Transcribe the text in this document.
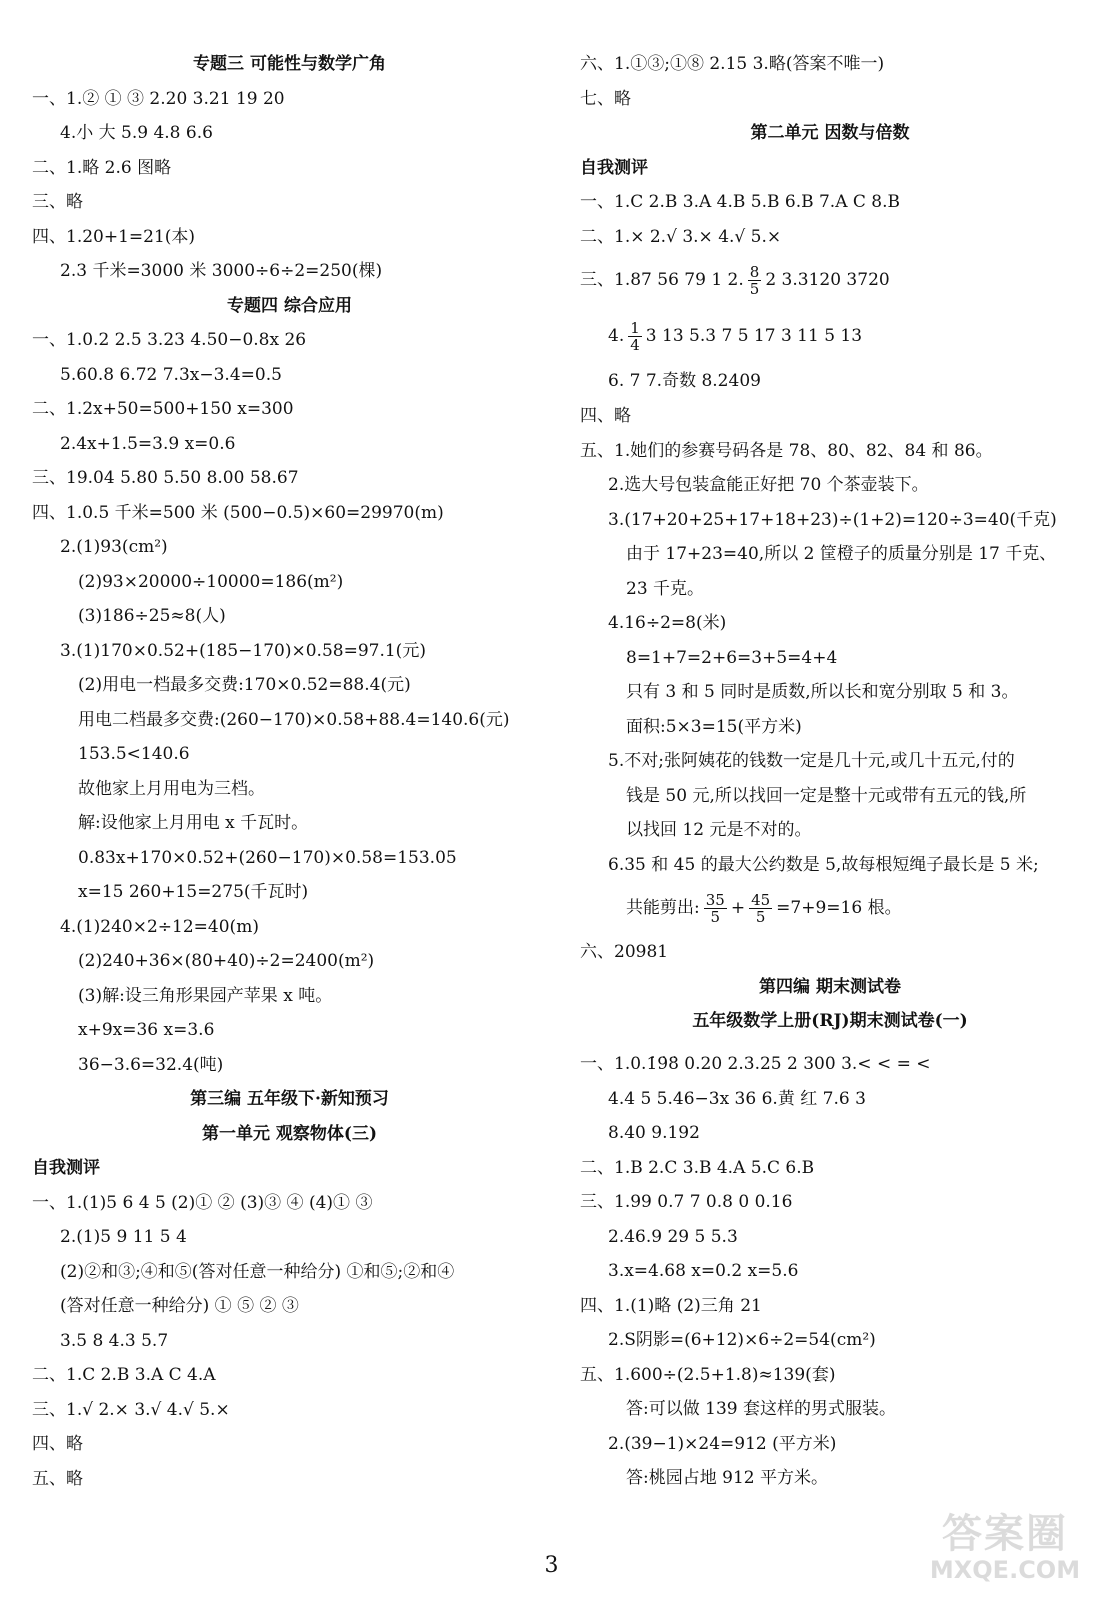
专题三 可能性与数学广角
一、1.② ① ③ 2.20 3.21 19 20
4.小 大 5.9 4.8 6.6
二、1.略 2.6 图略
三、略
四、1.20+1=21(本)
2.3 千米=3000 米 3000÷6÷2=250(棵)
专题四 综合应用
一、1.0.2 2.5 3.23 4.50−0.8x 26
5.60.8 6.72 7.3x−3.4=0.5
二、1.2x+50=500+150 x=300
2.4x+1.5=3.9 x=0.6
三、19.04 5.80 5.50 8.00 58.67
四、1.0.5 千米=500 米 (500−0.5)×60=29970(m)
2.(1)93(cm²)
(2)93×20000÷10000=186(m²)
(3)186÷25≈8(人)
3.(1)170×0.52+(185−170)×0.58=97.1(元)
(2)用电一档最多交费:170×0.52=88.4(元)
用电二档最多交费:(260−170)×0.58+88.4=140.6(元)
153.5<140.6
故他家上月用电为三档。
解:设他家上月用电 x 千瓦时。
0.83x+170×0.52+(260−170)×0.58=153.05
x=15 260+15=275(千瓦时)
4.(1)240×2÷12=40(m)
(2)240+36×(80+40)÷2=2400(m²)
(3)解:设三角形果园产苹果 x 吨。
x+9x=36 x=3.6
36−3.6=32.4(吨)
第三编 五年级下·新知预习
第一单元 观察物体(三)
自我测评
一、1.(1)5 6 4 5 (2)① ② (3)③ ④ (4)① ③
2.(1)5 9 11 5 4
(2)②和③;④和⑤(答对任意一种给分) ①和⑤;②和④
(答对任意一种给分) ① ⑤ ② ③
3.5 8 4.3 5.7
二、1.C 2.B 3.A C 4.A
三、1.√ 2.× 3.√ 4.√ 5.×
四、略
五、略
六、1.①③;①⑧ 2.15 3.略(答案不唯一)
七、略
第二单元 因数与倍数
自我测评
一、1.C 2.B 3.A 4.B 5.B 6.B 7.A C 8.B
二、1.× 2.√ 3.× 4.√ 5.×
三、1.87 56 79 1 2. $\frac{8}{5} 2$ 3.3120 3720
4. $\frac{1}{4} 3$ 13 5.3 7 5 17 3 11 5 13
6. 7 7.奇数 8.2409
四、略
五、1.她们的参赛号码各是 78、80、82、84 和 86。
2.选大号包装盒能正好把 70 个茶壶装下。
3.(17+20+25+17+18+23)÷(1+2)=120÷3=40(千克)
由于 17+23=40,所以 2 筐橙子的质量分别是 17 千克、
23 千克。
4.16÷2=8(米)
8=1+7=2+6=3+5=4+4
只有 3 和 5 同时是质数,所以长和宽分别取 5 和 3。
面积:5×3=15(平方米)
5.不对;张阿姨花的钱数一定是几十元,或几十五元,付的
钱是 50 元,所以找回一定是整十元或带有五元的钱,所
以找回 12 元是不对的。
6.35 和 45 的最大公约数是 5,故每根短绳子最长是 5 米;
共能剪出: $\frac{35}{5} + \frac{45}{5} =7+9=16$ 根。
六、20981
第四编 期末测试卷
五年级数学上册(RJ)期末测试卷(一)
一、1.0.1̇9̇8̇ 0.20 2.3.25 2 300 3.< < = <
4.4 5 5.46−3x 36 6.黄 红 7.6 3
8.40 9.192
二、1.B 2.C 3.B 4.A 5.C 6.B
三、1.99 0.7 7 0.8 0 0.16
2.46.9 29 5 5.3
3.x=4.68 x=0.2 x=5.6
四、1.(1)略 (2)三角 21
2.S阴影=(6+12)×6÷2=54(cm²)
五、1.600÷(2.5+1.8)≈139(套)
答:可以做 139 套这样的男式服装。
2.(39−1)×24=912 (平方米)
答:桃园占地 912 平方米。
3
答案圈
MXQE.COM
